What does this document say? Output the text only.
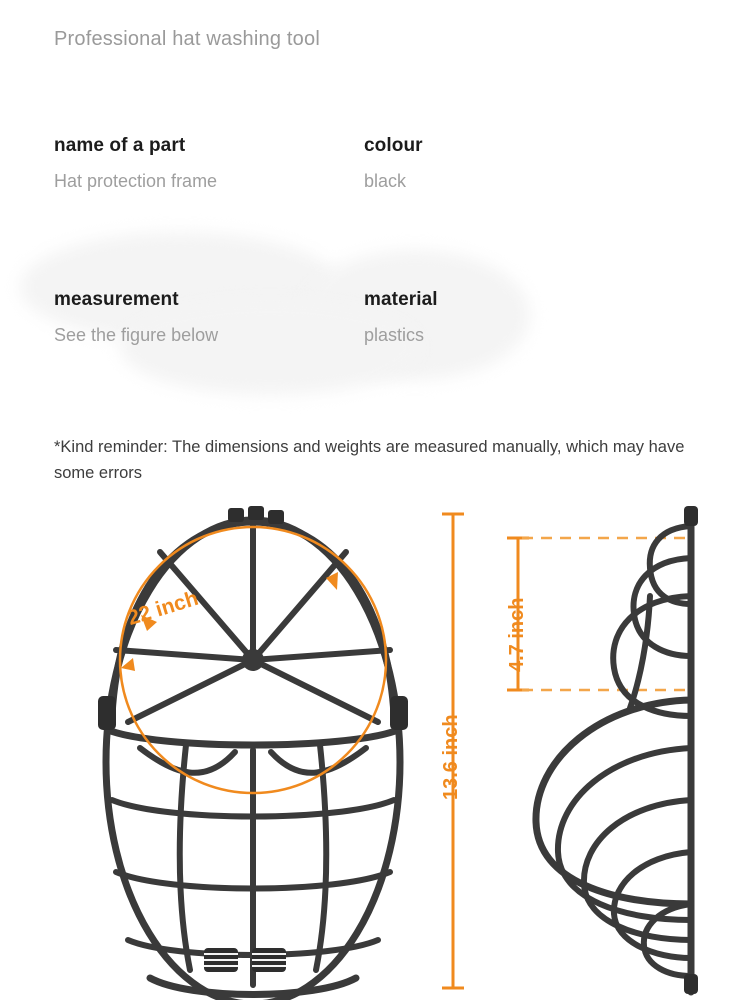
Professional hat washing tool
name of a part
Hat protection frame
colour
black
measurement
See the figure below
material
plastics
*Kind reminder: The dimensions and weights are measured manually, which may have some errors
22 inch
13.6 inch
4.7 inch
